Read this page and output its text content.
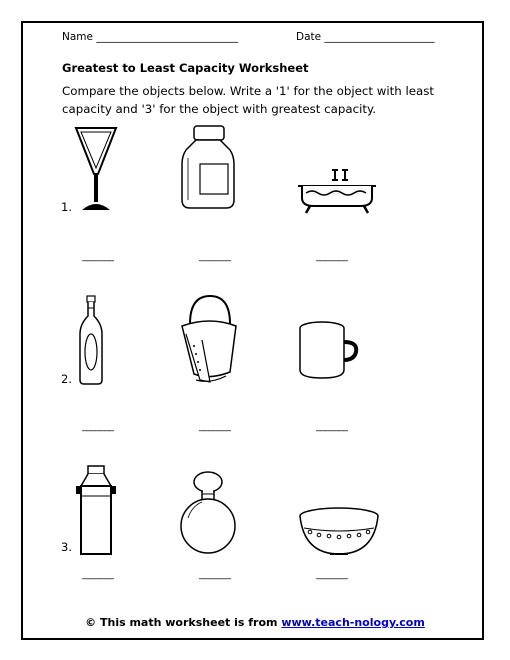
Name ___________________________	Date _____________________
Greatest to Least Capacity Worksheet
Compare the objects below. Write a '1' for the object with least capacity and '3' for the object with greatest capacity.
1.
_______	_______	_______
2.
_______	_______	_______
3.
_______	_______	_______
© This math worksheet is from www.teach-nology.com
